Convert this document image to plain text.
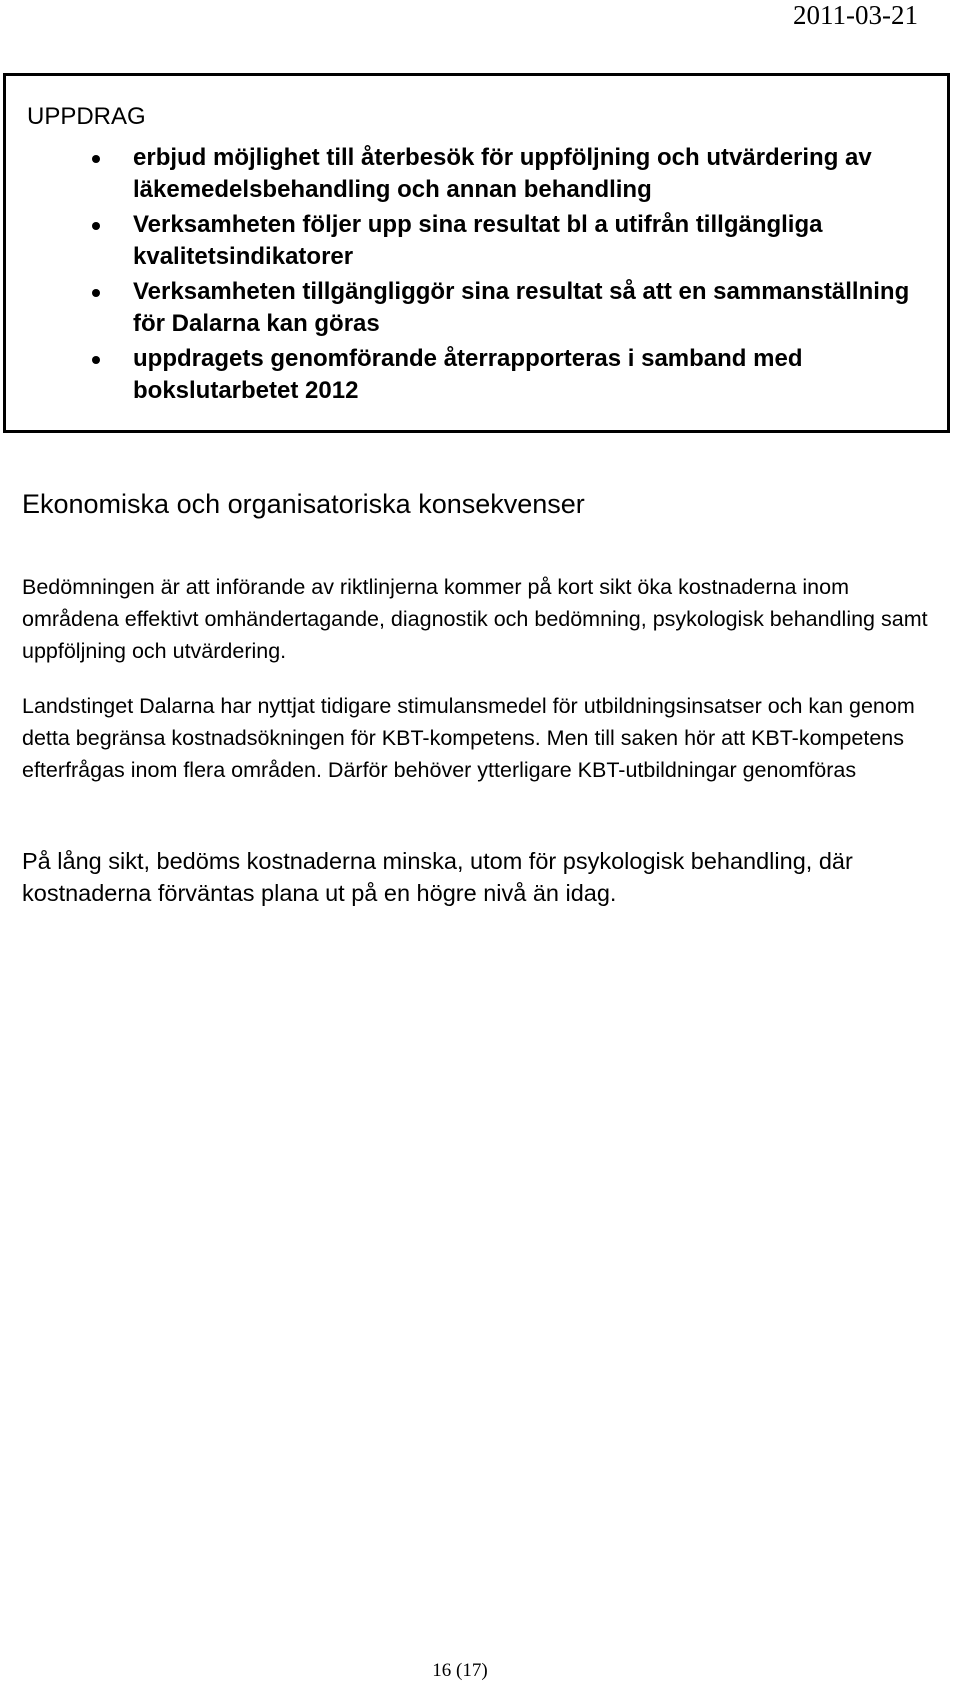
2011-03-21
UPPDRAG
erbjud möjlighet till återbesök för uppföljning och utvärdering av läkemedelsbehandling och annan behandling
Verksamheten följer upp sina resultat bl a utifrån tillgängliga kvalitetsindikatorer
Verksamheten tillgängliggör sina resultat så att en sammanställning för Dalarna kan göras
uppdragets genomförande återrapporteras i samband med bokslutarbetet 2012
Ekonomiska och organisatoriska konsekvenser

Bedömningen är att införande av riktlinjerna kommer på kort sikt öka kostnaderna inom områdena effektivt omhändertagande, diagnostik och bedömning, psykologisk behandling samt uppföljning och utvärdering.

Landstinget Dalarna har nyttjat tidigare stimulansmedel för utbildningsinsatser och kan genom detta begränsa kostnadsökningen för KBT-kompetens. Men till saken hör att KBT-kompetens efterfrågas inom flera områden. Därför behöver ytterligare KBT-utbildningar genomföras

På lång sikt, bedöms kostnaderna minska, utom för psykologisk behandling, där kostnaderna förväntas plana ut på en högre nivå än idag.

16 (17)
